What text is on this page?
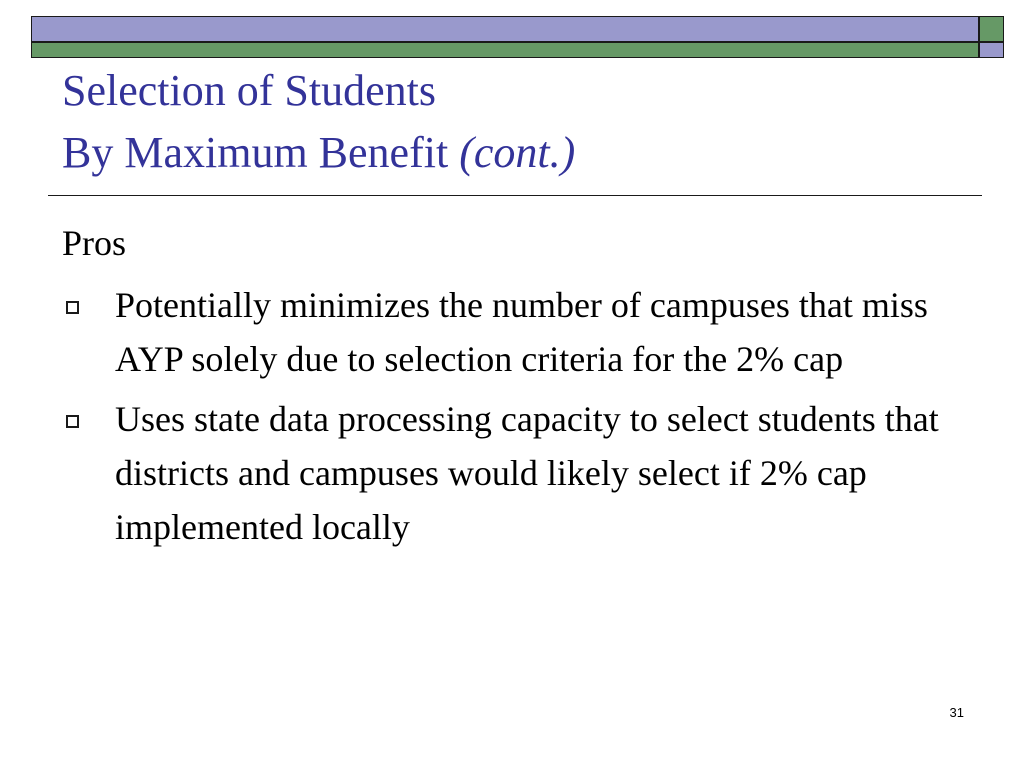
Selection of Students
By Maximum Benefit (cont.)

Pros

Potentially minimizes the number of campuses that miss AYP solely due to selection criteria for the 2% cap
Uses state data processing capacity to select students that districts and campuses would likely select if 2% cap implemented locally
31
